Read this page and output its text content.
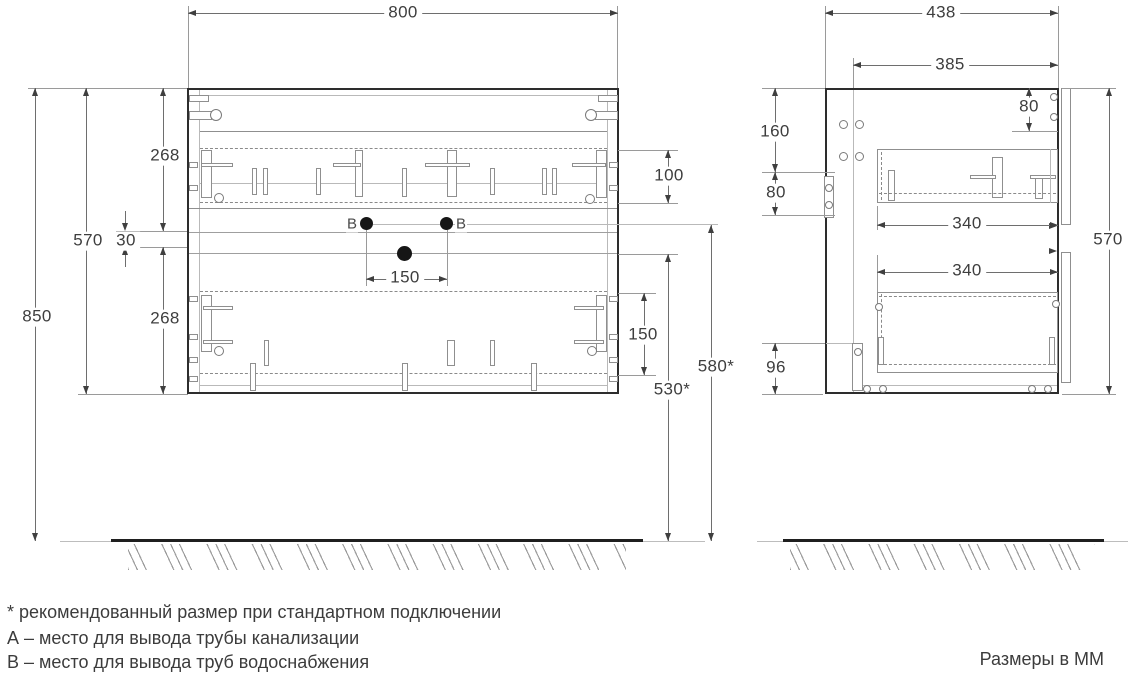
800
850
570
268
30
268
B	B
150
100
150
530*
580*
438
385
340
340
160
80
80
96
570
* рекомендованный размер при стандартном подключении
А – место для вывода трубы канализации
В – место для вывода труб водоснабжения	Размеры в ММ
